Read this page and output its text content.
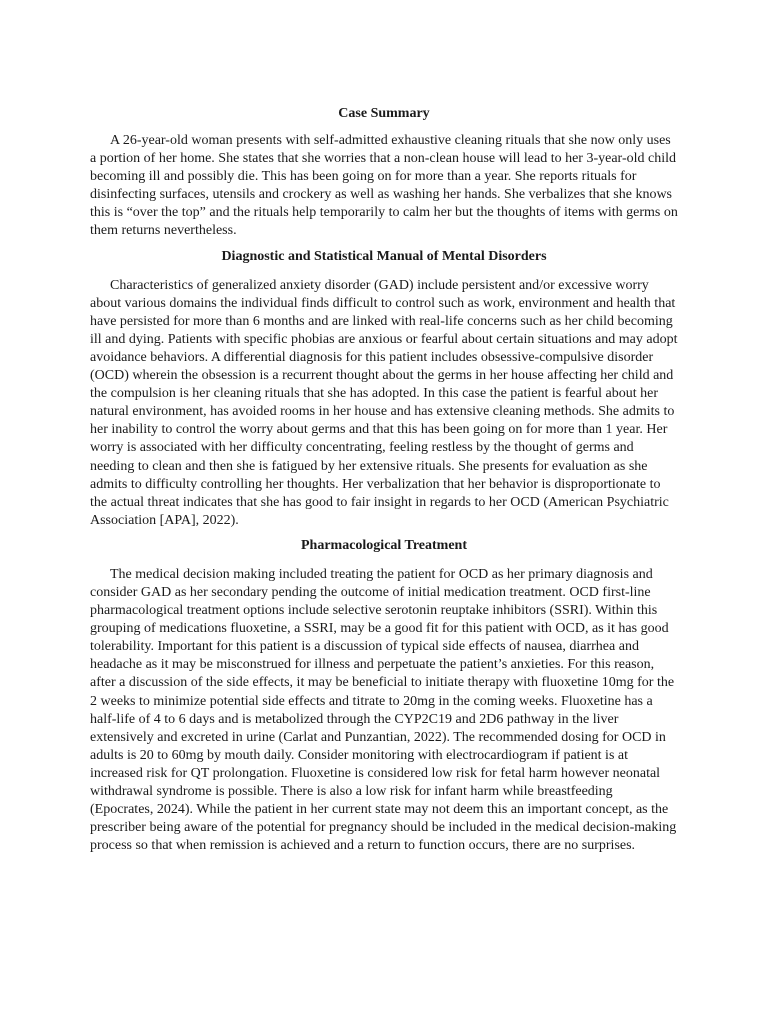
Case Summary

A 26-year-old woman presents with self-admitted exhaustive cleaning rituals that she now only uses a portion of her home. She states that she worries that a non-clean house will lead to her 3-year-old child becoming ill and possibly die. This has been going on for more than a year. She reports rituals for disinfecting surfaces, utensils and crockery as well as washing her hands. She verbalizes that she knows this is “over the top” and the rituals help temporarily to calm her but the thoughts of items with germs on them returns nevertheless.

Diagnostic and Statistical Manual of Mental Disorders

Characteristics of generalized anxiety disorder (GAD) include persistent and/or excessive worry about various domains the individual finds difficult to control such as work, environment and health that have persisted for more than 6 months and are linked with real-life concerns such as her child becoming ill and dying. Patients with specific phobias are anxious or fearful about certain situations and may adopt avoidance behaviors. A differential diagnosis for this patient includes obsessive-compulsive disorder (OCD) wherein the obsession is a recurrent thought about the germs in her house affecting her child and the compulsion is her cleaning rituals that she has adopted. In this case the patient is fearful about her natural environment, has avoided rooms in her house and has extensive cleaning methods. She admits to her inability to control the worry about germs and that this has been going on for more than 1 year. Her worry is associated with her difficulty concentrating, feeling restless by the thought of germs and needing to clean and then she is fatigued by her extensive rituals. She presents for evaluation as she admits to difficulty controlling her thoughts. Her verbalization that her behavior is disproportionate to the actual threat indicates that she has good to fair insight in regards to her OCD (American Psychiatric Association [APA], 2022).

Pharmacological Treatment

The medical decision making included treating the patient for OCD as her primary diagnosis and consider GAD as her secondary pending the outcome of initial medication treatment. OCD first-line pharmacological treatment options include selective serotonin reuptake inhibitors (SSRI). Within this grouping of medications fluoxetine, a SSRI, may be a good fit for this patient with OCD, as it has good tolerability. Important for this patient is a discussion of typical side effects of nausea, diarrhea and headache as it may be misconstrued for illness and perpetuate the patient’s anxieties. For this reason, after a discussion of the side effects, it may be beneficial to initiate therapy with fluoxetine 10mg for the 2 weeks to minimize potential side effects and titrate to 20mg in the coming weeks. Fluoxetine has a half-life of 4 to 6 days and is metabolized through the CYP2C19 and 2D6 pathway in the liver extensively and excreted in urine (Carlat and Punzantian, 2022). The recommended dosing for OCD in adults is 20 to 60mg by mouth daily. Consider monitoring with electrocardiogram if patient is at increased risk for QT prolongation. Fluoxetine is considered low risk for fetal harm however neonatal withdrawal syndrome is possible. There is also a low risk for infant harm while breastfeeding (Epocrates, 2024). While the patient in her current state may not deem this an important concept, as the prescriber being aware of the potential for pregnancy should be included in the medical decision-making process so that when remission is achieved and a return to function occurs, there are no surprises.
